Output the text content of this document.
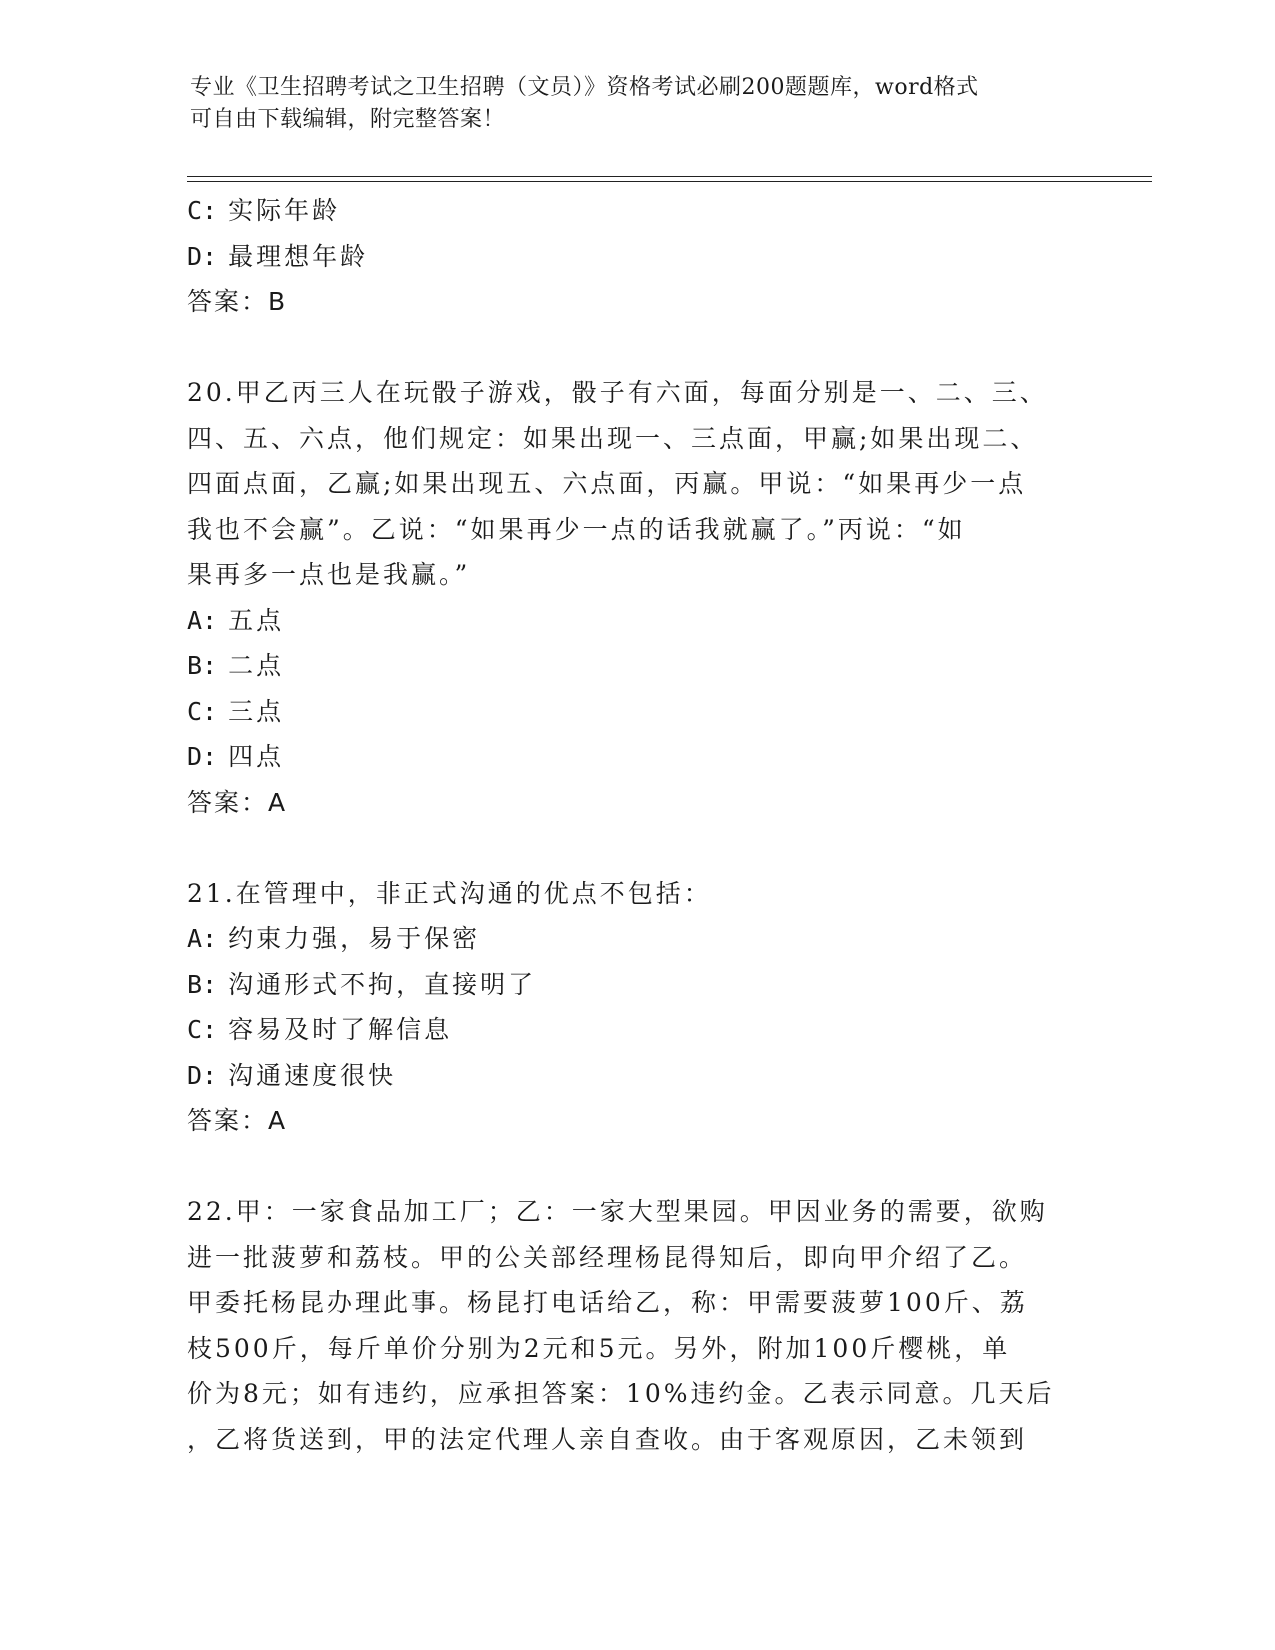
专业《卫生招聘考试之卫生招聘（文员）》资格考试必刷200题题库，word格式
可自由下载编辑，附完整答案！
C: 实际年龄
D: 最理想年龄
答案：B
20.甲乙丙三人在玩骰子游戏，骰子有六面，每面分别是一、二、三、
四、五、六点，他们规定：如果出现一、三点面，甲赢;如果出现二、
四面点面，乙赢;如果出现五、六点面，丙赢。甲说：“如果再少一点
我也不会赢”。乙说：“如果再少一点的话我就赢了。”丙说：“如
果再多一点也是我赢。”
A: 五点
B: 二点
C: 三点
D: 四点
答案：A
21.在管理中，非正式沟通的优点不包括：
A: 约束力强，易于保密
B: 沟通形式不拘，直接明了
C: 容易及时了解信息
D: 沟通速度很快
答案：A
22.甲：一家食品加工厂；乙：一家大型果园。甲因业务的需要，欲购
进一批菠萝和荔枝。甲的公关部经理杨昆得知后，即向甲介绍了乙。
甲委托杨昆办理此事。杨昆打电话给乙，称：甲需要菠萝100斤、荔
枝500斤，每斤单价分别为2元和5元。另外，附加100斤樱桃，单
价为8元；如有违约，应承担答案：10%违约金。乙表示同意。几天后
，乙将货送到，甲的法定代理人亲自查收。由于客观原因，乙未领到
